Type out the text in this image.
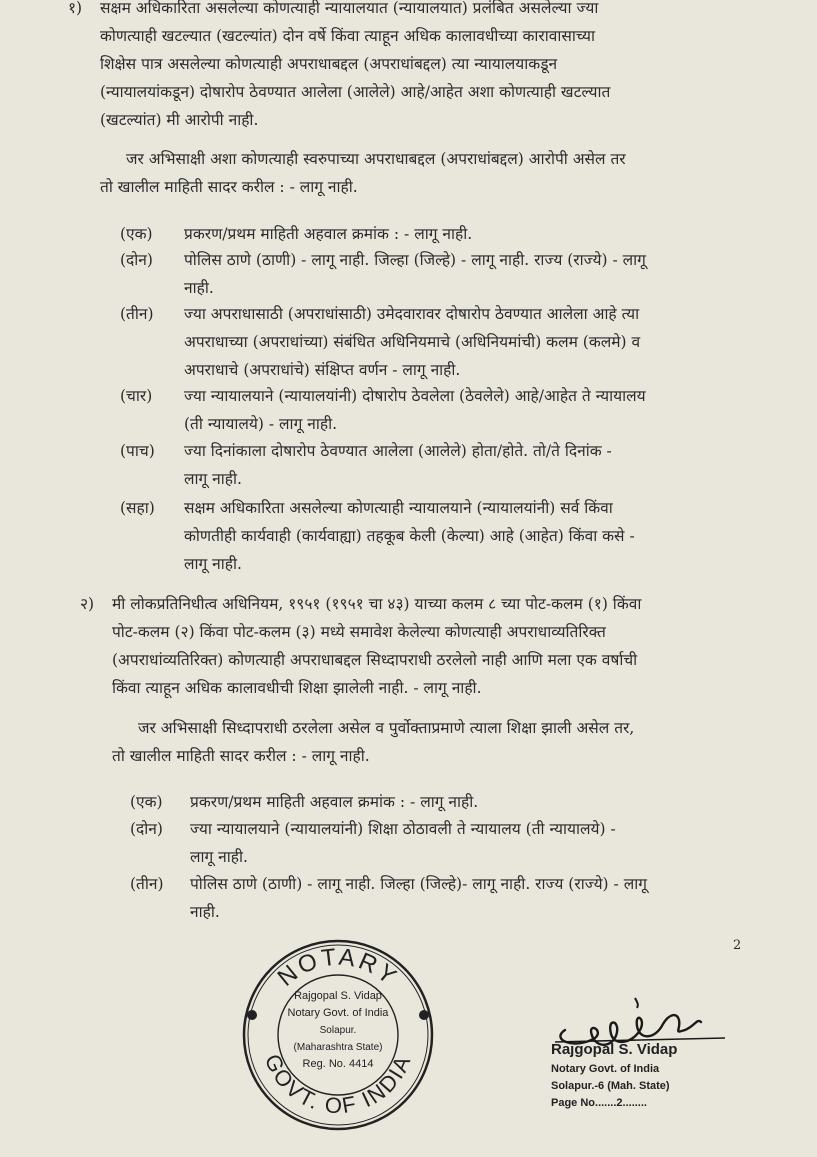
१) सक्षम अधिकारिता असलेल्या कोणत्याही न्यायालयात (न्यायालयात) प्रलंबित असलेल्या ज्या
कोणत्याही खटल्यात (खटल्यांत) दोन वर्षे किंवा त्याहून अधिक कालावधीच्या कारावासाच्या
शिक्षेस पात्र असलेल्या कोणत्याही अपराधाबद्दल (अपराधांबद्दल) त्या न्यायालयाकडून
(न्यायालयांकडून) दोषारोप ठेवण्यात आलेला (आलेले) आहे/आहेत अशा कोणत्याही खटल्यात
(खटल्यांत) मी आरोपी नाही.
जर अभिसाक्षी अशा कोणत्याही स्वरुपाच्या अपराधाबद्दल (अपराधांबद्दल) आरोपी असेल तर
तो खालील माहिती सादर करील : - लागू नाही.
(एक) प्रकरण/प्रथम माहिती अहवाल क्रमांक : - लागू नाही.
(दोन) पोलिस ठाणे (ठाणी) - लागू नाही. जिल्हा (जिल्हे) - लागू नाही. राज्य (राज्ये) - लागू
नाही.
(तीन) ज्या अपराधासाठी (अपराधांसाठी) उमेदवारावर दोषारोप ठेवण्यात आलेला आहे त्या
अपराधाच्या (अपराधांच्या) संबंधित अधिनियमाचे (अधिनियमांची) कलम (कलमे) व
अपराधाचे (अपराधांचे) संक्षिप्त वर्णन - लागू नाही.
(चार) ज्या न्यायालयाने (न्यायालयांनी) दोषारोप ठेवलेला (ठेवलेले) आहे/आहेत ते न्यायालय
(ती न्यायालये) - लागू नाही.
(पाच) ज्या दिनांकाला दोषारोप ठेवण्यात आलेला (आलेले) होता/होते. तो/ते दिनांक -
लागू नाही.
(सहा) सक्षम अधिकारिता असलेल्या कोणत्याही न्यायालयाने (न्यायालयांनी) सर्व किंवा
कोणतीही कार्यवाही (कार्यवाह्या) तहकूब केली (केल्या) आहे (आहेत) किंवा कसे -
लागू नाही.
२) मी लोकप्रतिनिधीत्व अधिनियम, १९५१ (१९५१ चा ४३) याच्या कलम ८ च्या पोट-कलम (१) किंवा
पोट-कलम (२) किंवा पोट-कलम (३) मध्ये समावेश केलेल्या कोणत्याही अपराधाव्यतिरिक्त
(अपराधांव्यतिरिक्त) कोणत्याही अपराधाबद्दल सिध्दापराधी ठरलेलो नाही आणि मला एक वर्षाची
किंवा त्याहून अधिक कालावधीची शिक्षा झालेली नाही. - लागू नाही.
जर अभिसाक्षी सिध्दापराधी ठरलेला असेल व पुर्वोक्ताप्रमाणे त्याला शिक्षा झाली असेल तर,
तो खालील माहिती सादर करील : - लागू नाही.
(एक) प्रकरण/प्रथम माहिती अहवाल क्रमांक : - लागू नाही.
(दोन) ज्या न्यायालयाने (न्यायालयांनी) शिक्षा ठोठावली ते न्यायालय (ती न्यायालये) -
लागू नाही.
(तीन) पोलिस ठाणे (ठाणी) - लागू नाही. जिल्हा (जिल्हे)- लागू नाही. राज्य (राज्ये) - लागू
नाही.
2
NOTARY
GOVT. OF INDIA
Rajgopal S. Vidap
Notary Govt. of India
Solapur.
(Maharashtra State)
Reg. No. 4414
Rajgopal S. Vidap
Notary Govt. of India
Solapur.-6 (Mah. State)
Page No.......2........
